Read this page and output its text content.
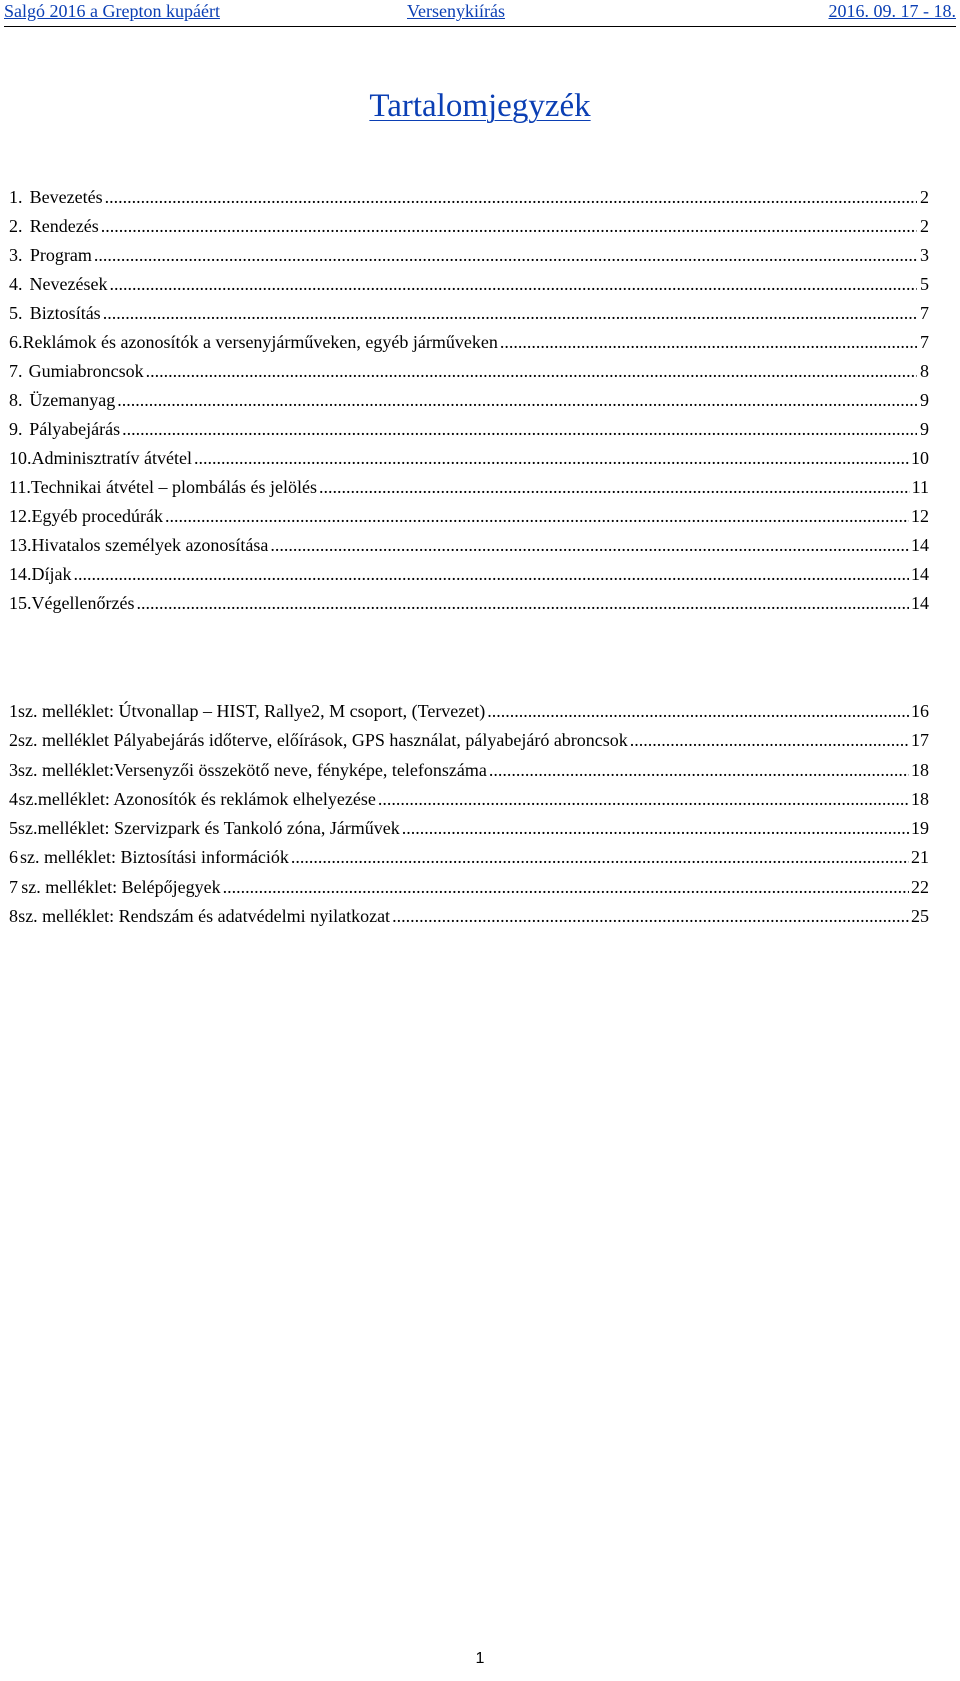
Salgó 2016 a Grepton kupáért	Versenykiírás	2016. 09. 17 - 18.
Tartalomjegyzék
1. Bevezetés .....	2
2. Rendezés .....	2
3. Program .....	3
4. Nevezések .....	5
5. Biztosítás .....	7
6. Reklámok és azonosítók a versenyjárműveken, egyéb járműveken .....	7
7. Gumiabroncsok .....	8
8. Üzemanyag .....	9
9. Pályabejárás .....	9
10. Adminisztratív átvétel .....	10
11. Technikai átvétel – plombálás és jelölés .....	11
12. Egyéb procedúrák .....	12
13. Hivatalos személyek azonosítása .....	14
14. Díjak .....	14
15. Végellenőrzés .....	14
1 sz. melléklet: Útvonallap – HIST, Rallye2, M csoport, (Tervezet) .....	16
2 sz. melléklet Pályabejárás időterve, előírások, GPS használat, pályabejáró abroncsok .....	17
3 sz. melléklet:Versenyzői összekötő neve, fényképe, telefonszáma .....	18
4 sz.melléklet: Azonosítók és reklámok elhelyezése .....	18
5 sz.melléklet: Szervizpark és Tankoló zóna, Járművek .....	19
6 sz. melléklet: Biztosítási információk .....	21
7 sz. melléklet: Belépőjegyek .....	22
8 sz. melléklet: Rendszám és adatvédelmi nyilatkozat .....	25
1
